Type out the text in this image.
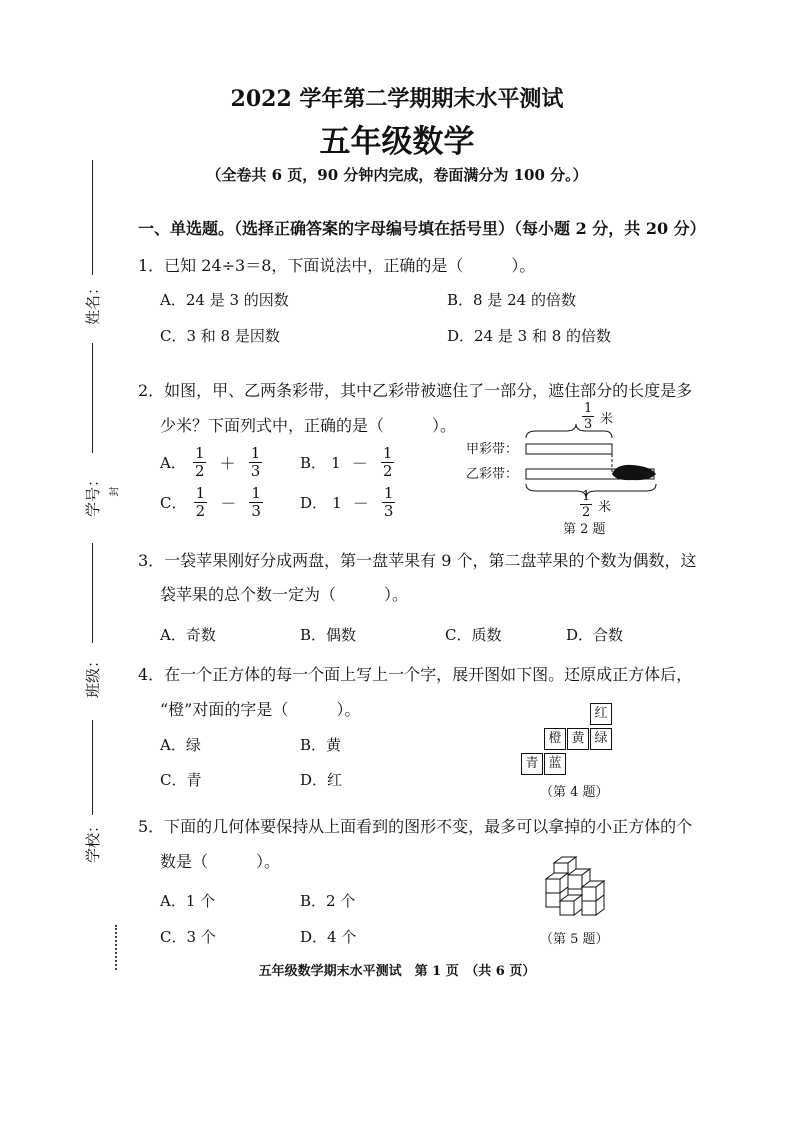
姓名：
学号： 封
班级：
学校：
2022 学年第二学期期末水平测试
五年级数学
（全卷共 6 页，90 分钟内完成，卷面满分为 100 分。）
一、单选题。（选择正确答案的字母编号填在括号里）（每小题 2 分，共 20 分）
1．已知 24÷3＝8，下面说法中，正确的是（　　　）。
A．24 是 3 的因数	B．8 是 24 的倍数
C．3 和 8 是因数	D．24 是 3 和 8 的倍数
2．如图，甲、乙两条彩带，其中乙彩带被遮住了一部分，遮住部分的长度是多
少米？下面列式中，正确的是（　　　）。
A． $\frac{1}{2} + \frac{1}{3}$	B． $1 - \frac{1}{2}$
C． $\frac{1}{2} - \frac{1}{3}$ D． $1 - \frac{1}{3}$
$\frac{1}{3}$ 米
甲彩带：
乙彩带：
$\frac{1}{2}$ 米
第 2 题
3．一袋苹果刚好分成两盘，第一盘苹果有 9 个，第二盘苹果的个数为偶数，这
袋苹果的总个数一定为（　　　）。
A．奇数	B．偶数	C．质数	D．合数
4．在一个正方体的每一个面上写上一个字，展开图如下图。还原成正方体后，
“橙”对面的字是（　　　）。
A．绿	B．黄
C．青	D．红
红
橙 黄 绿
青 蓝
（第 4 题）
5．下面的几何体要保持从上面看到的图形不变，最多可以拿掉的小正方体的个
数是（　　　）。
A．1 个	B．2 个
C．3 个	D．4 个	（第 5 题）
五年级数学期末水平测试　第 1 页　（共 6 页）
